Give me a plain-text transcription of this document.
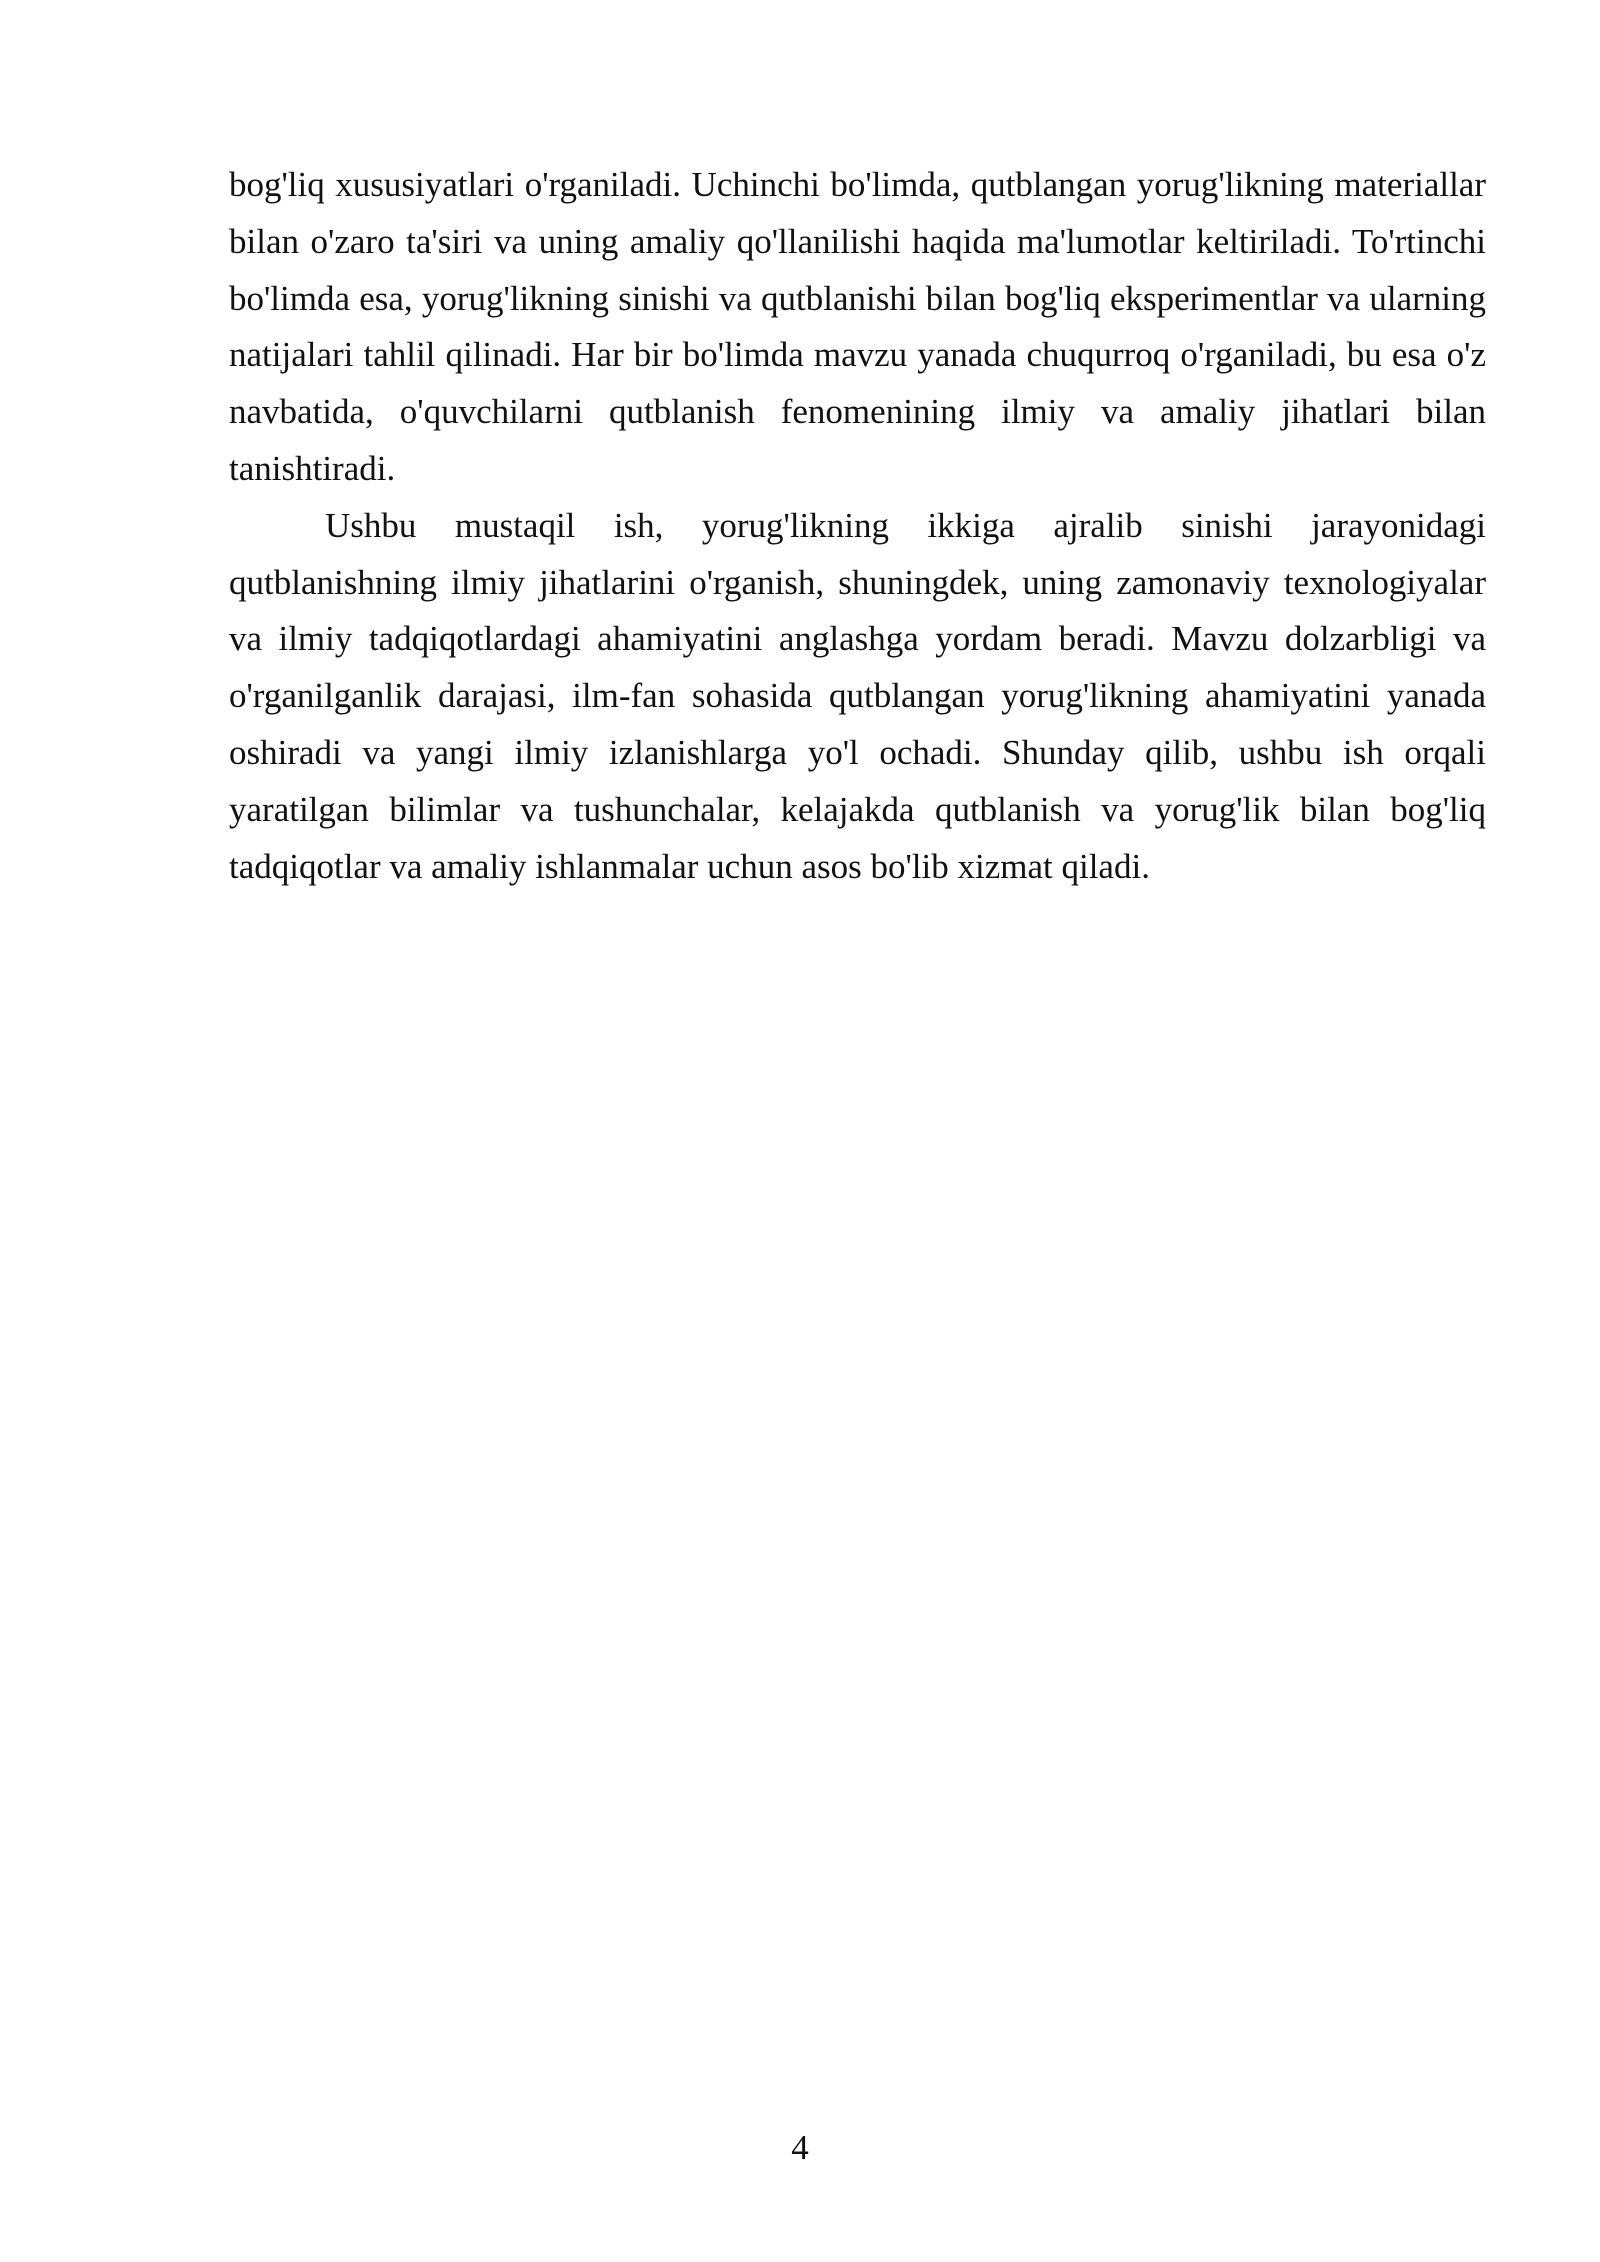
bog'liq xususiyatlari o'rganiladi. Uchinchi bo'limda, qutblangan yorug'likning materiallar bilan o'zaro ta'siri va uning amaliy qo'llanilishi haqida ma'lumotlar keltiriladi. To'rtinchi bo'limda esa, yorug'likning sinishi va qutblanishi bilan bog'liq eksperimentlar va ularning natijalari tahlil qilinadi. Har bir bo'limda mavzu yanada chuqurroq o'rganiladi, bu esa o'z navbatida, o'quvchilarni qutblanish fenomenining ilmiy va amaliy jihatlari bilan tanishtiradi.

Ushbu mustaqil ish, yorug'likning ikkiga ajralib sinishi jarayonidagi qutblanishning ilmiy jihatlarini o'rganish, shuningdek, uning zamonaviy texnologiyalar va ilmiy tadqiqotlardagi ahamiyatini anglashga yordam beradi. Mavzu dolzarbligi va o'rganilganlik darajasi, ilm-fan sohasida qutblangan yorug'likning ahamiyatini yanada oshiradi va yangi ilmiy izlanishlarga yo'l ochadi. Shunday qilib, ushbu ish orqali yaratilgan bilimlar va tushunchalar, kelajakda qutblanish va yorug'lik bilan bog'liq tadqiqotlar va amaliy ishlanmalar uchun asos bo'lib xizmat qiladi.

4
